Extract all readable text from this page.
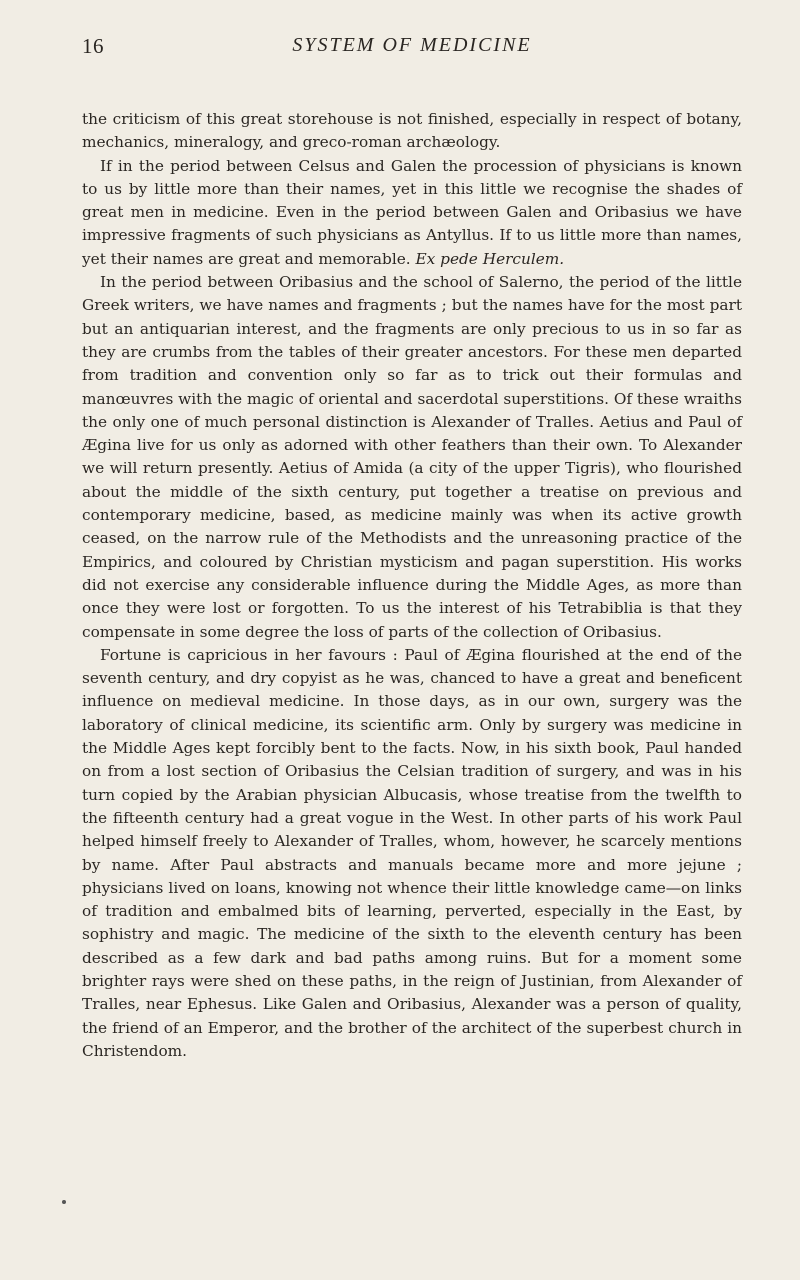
16	SYSTEM OF MEDICINE

the criticism of this great storehouse is not finished, especially in respect of botany, mechanics, mineralogy, and greco-roman archæology.

If in the period between Celsus and Galen the procession of physicians is known to us by little more than their names, yet in this little we recognise the shades of great men in medicine. Even in the period between Galen and Oribasius we have impressive fragments of such physicians as Antyllus. If to us little more than names, yet their names are great and memorable. Ex pede Herculem.

In the period between Oribasius and the school of Salerno, the period of the little Greek writers, we have names and fragments ; but the names have for the most part but an antiquarian interest, and the fragments are only precious to us in so far as they are crumbs from the tables of their greater ancestors. For these men departed from tradition and convention only so far as to trick out their formulas and manœuvres with the magic of oriental and sacerdotal superstitions. Of these wraiths the only one of much personal distinction is Alexander of Tralles. Aetius and Paul of Ægina live for us only as adorned with other feathers than their own. To Alexander we will return presently. Aetius of Amida (a city of the upper Tigris), who flourished about the middle of the sixth century, put together a treatise on previous and contemporary medicine, based, as medicine mainly was when its active growth ceased, on the narrow rule of the Methodists and the unreasoning practice of the Empirics, and coloured by Christian mysticism and pagan superstition. His works did not exercise any considerable influence during the Middle Ages, as more than once they were lost or forgotten. To us the interest of his Tetrabiblia is that they compensate in some degree the loss of parts of the collection of Oribasius.

Fortune is capricious in her favours : Paul of Ægina flourished at the end of the seventh century, and dry copyist as he was, chanced to have a great and beneficent influence on medieval medicine. In those days, as in our own, surgery was the laboratory of clinical medicine, its scientific arm. Only by surgery was medicine in the Middle Ages kept forcibly bent to the facts. Now, in his sixth book, Paul handed on from a lost section of Oribasius the Celsian tradition of surgery, and was in his turn copied by the Arabian physician Albucasis, whose treatise from the twelfth to the fifteenth century had a great vogue in the West. In other parts of his work Paul helped himself freely to Alexander of Tralles, whom, however, he scarcely mentions by name. After Paul abstracts and manuals became more and more jejune ; physicians lived on loans, knowing not whence their little knowledge came—on links of tradition and embalmed bits of learning, perverted, especially in the East, by sophistry and magic. The medicine of the sixth to the eleventh century has been described as a few dark and bad paths among ruins. But for a moment some brighter rays were shed on these paths, in the reign of Justinian, from Alexander of Tralles, near Ephesus. Like Galen and Oribasius, Alexander was a person of quality, the friend of an Emperor, and the brother of the architect of the superbest church in Christendom.
